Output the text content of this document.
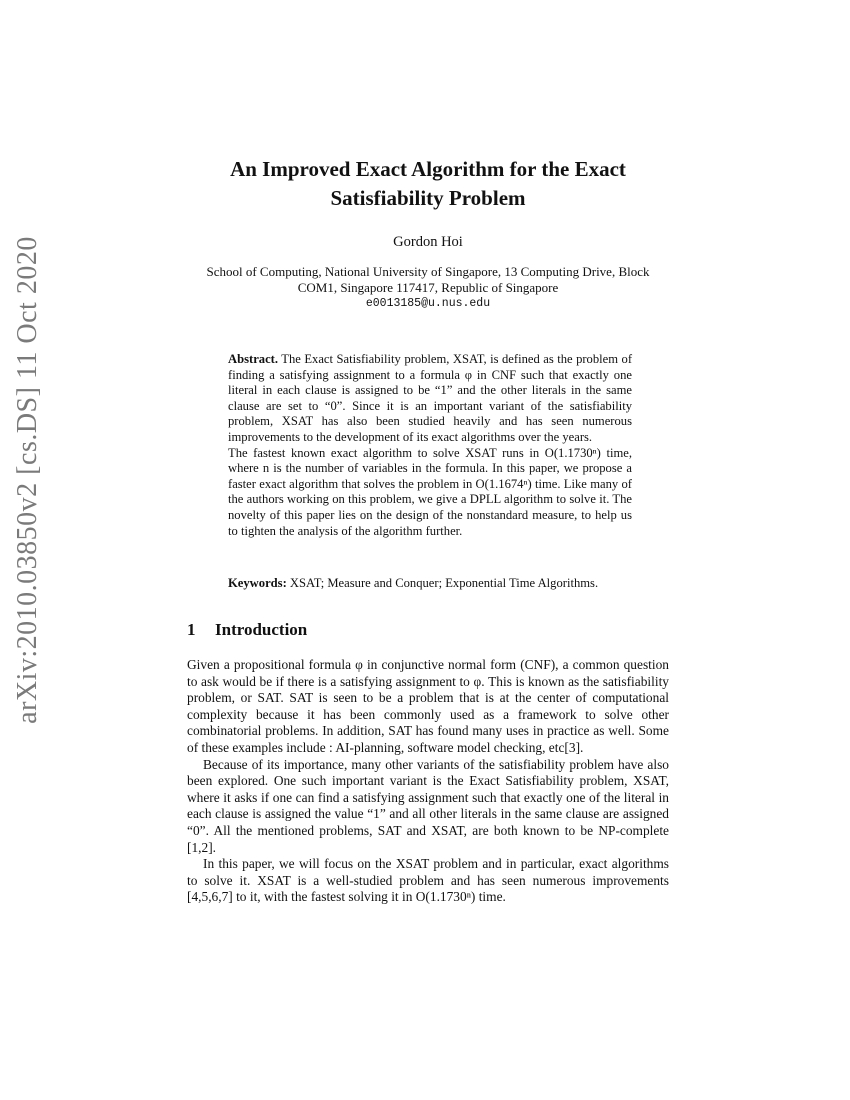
arXiv:2010.03850v2 [cs.DS] 11 Oct 2020
An Improved Exact Algorithm for the Exact
Satisfiability Problem
Gordon Hoi
School of Computing, National University of Singapore, 13 Computing Drive, Block
COM1, Singapore 117417, Republic of Singapore
e0013185@u.nus.edu

Abstract. The Exact Satisfiability problem, XSAT, is defined as the problem of finding a satisfying assignment to a formula φ in CNF such that exactly one literal in each clause is assigned to be “1” and the other literals in the same clause are set to “0”. Since it is an important variant of the satisfiability problem, XSAT has also been studied heavily and has seen numerous improvements to the development of its exact algorithms over the years.

The fastest known exact algorithm to solve XSAT runs in O(1.1730ⁿ) time, where n is the number of variables in the formula. In this paper, we propose a faster exact algorithm that solves the problem in O(1.1674ⁿ) time. Like many of the authors working on this problem, we give a DPLL algorithm to solve it. The novelty of this paper lies on the design of the nonstandard measure, to help us to tighten the analysis of the algorithm further.

Keywords: XSAT; Measure and Conquer; Exponential Time Algorithms.
1 Introduction

Given a propositional formula φ in conjunctive normal form (CNF), a common question to ask would be if there is a satisfying assignment to φ. This is known as the satisfiability problem, or SAT. SAT is seen to be a problem that is at the center of computational complexity because it has been commonly used as a framework to solve other combinatorial problems. In addition, SAT has found many uses in practice as well. Some of these examples include : AI-planning, software model checking, etc[3].

Because of its importance, many other variants of the satisfiability problem have also been explored. One such important variant is the Exact Satisfiability problem, XSAT, where it asks if one can find a satisfying assignment such that exactly one of the literal in each clause is assigned the value “1” and all other literals in the same clause are assigned “0”. All the mentioned problems, SAT and XSAT, are both known to be NP-complete [1,2].

In this paper, we will focus on the XSAT problem and in particular, exact algorithms to solve it. XSAT is a well-studied problem and has seen numerous improvements [4,5,6,7] to it, with the fastest solving it in O(1.1730ⁿ) time.
